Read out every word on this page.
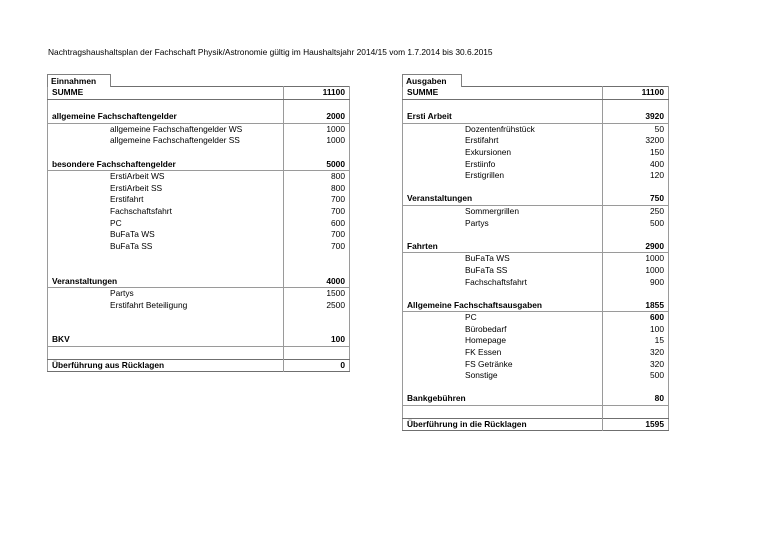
Nachtragshaushaltsplan der Fachschaft Physik/Astronomie gültig im Haushaltsjahr 2014/15 vom 1.7.2014 bis 30.6.2015
Einnahmen
SUMME	11100

allgemeine Fachschaftengelder	2000
allgemeine Fachschaftengelder WS	1000
allgemeine Fachschaftengelder SS	1000

besondere Fachschaftengelder	5000
ErstiArbeit WS	800
ErstiArbeit SS	800
Erstifahrt	700
Fachschaftsfahrt	700
PC	600
BuFaTa WS	700
BuFaTa SS	700

Veranstaltungen	4000
Partys	1500
Erstifahrt Beteiligung	2500

BKV	100

Überführung aus Rücklagen	0
Ausgaben
SUMME	11100

Ersti Arbeit	3920
Dozentenfrühstück	50
Erstifahrt	3200
Exkursionen	150
Erstiinfo	400
Erstigrillen	120

Veranstaltungen	750
Sommergrillen	250
Partys	500

Fahrten	2900
BuFaTa WS	1000
BuFaTa SS	1000
Fachschaftsfahrt	900

Allgemeine Fachschaftsausgaben	1855
PC	600
Bürobedarf	100
Homepage	15
FK Essen	320
FS Getränke	320
Sonstige	500

Bankgebühren	80

Überführung in die Rücklagen	1595
